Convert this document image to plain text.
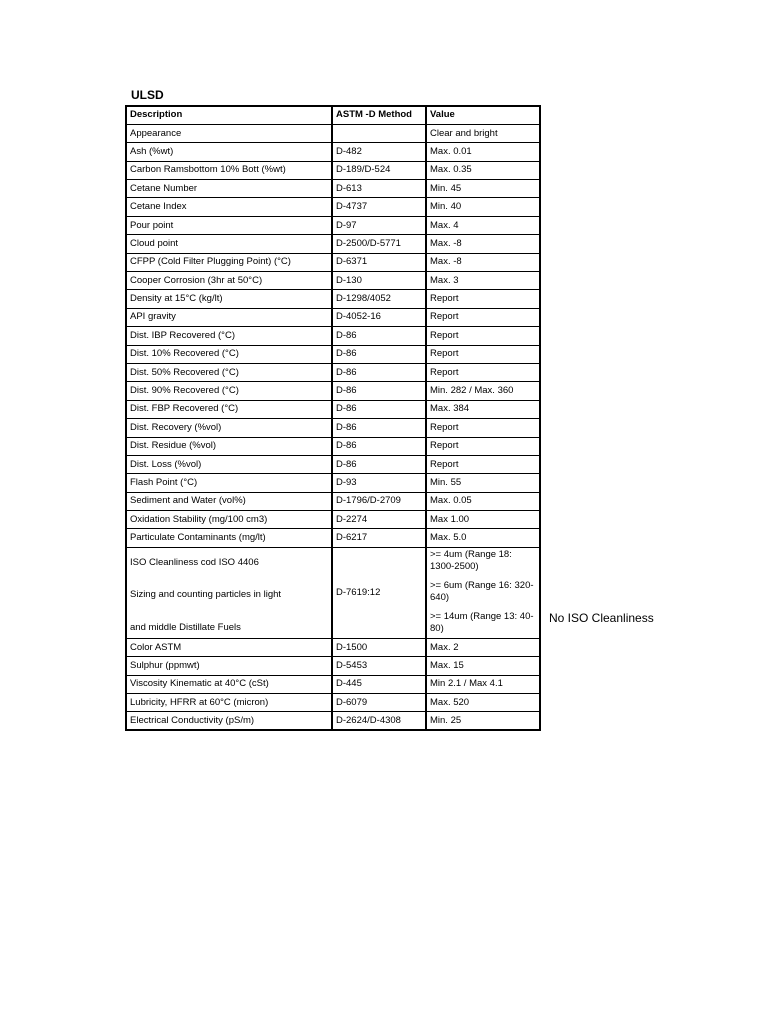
ULSD
Description	ASTM -D Method	Value
Appearance		Clear and bright
Ash (%wt)	D-482	Max. 0.01
Carbon Ramsbottom 10% Bott (%wt)	D-189/D-524	Max. 0.35
Cetane Number	D-613	Min. 45
Cetane Index	D-4737	Min. 40
Pour point	D-97	Max. 4
Cloud point	D-2500/D-5771	Max. -8
CFPP (Cold Filter Plugging Point) (°C)	D-6371	Max. -8
Cooper Corrosion (3hr at 50°C)	D-130	Max. 3
Density at 15°C (kg/lt)	D-1298/4052	Report
API gravity	D-4052-16	Report
Dist. IBP Recovered (°C)	D-86	Report
Dist. 10% Recovered (°C)	D-86	Report
Dist. 50% Recovered (°C)	D-86	Report
Dist. 90% Recovered (°C)	D-86	Min. 282 / Max. 360
Dist. FBP Recovered (°C)	D-86	Max. 384
Dist. Recovery (%vol)	D-86	Report
Dist. Residue (%vol)	D-86	Report
Dist. Loss (%vol)	D-86	Report
Flash Point (°C)	D-93	Min. 55
Sediment and Water (vol%)	D-1796/D-2709	Max. 0.05
Oxidation Stability (mg/100 cm3)	D-2274	Max 1.00
Particulate Contaminants (mg/lt)	D-6217	Max. 5.0

ISO Cleanliness cod ISO 4406
Sizing and counting particles in light
and middle Distillate Fuels	D-7619:12	>= 4um (Range 18: 1300-2500)
>= 6um (Range 16: 320-640)
>= 14um (Range 13: 40-80)

Color ASTM	D-1500	Max. 2
Sulphur (ppmwt)	D-5453	Max. 15
Viscosity Kinematic at 40°C (cSt)	D-445	Min 2.1 / Max 4.1
Lubricity, HFRR at 60°C (micron)	D-6079	Max. 520
Electrical Conductivity (pS/m)	D-2624/D-4308	Min. 25
No ISO Cleanliness
